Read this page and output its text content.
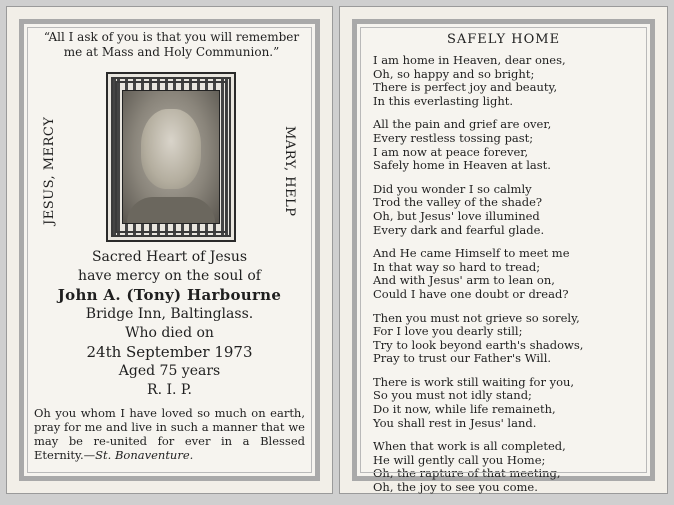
“All I ask of you is that you will remember me at Mass and Holy Communion.”
JESUS, MERCY	MARY, HELP
Sacred Heart of Jesus
have mercy on the soul of
John A. (Tony) Harbourne
Bridge Inn, Baltinglass.
Who died on
24th September 1973
Aged 75 years
R. I. P.
Oh you whom I have loved so much on earth, pray for me and live in such a manner that we may be re-united for ever in a Blessed Eternity.—St. Bonaventure.
SAFELY HOME
I am home in Heaven, dear ones,
Oh, so happy and so bright;
There is perfect joy and beauty,
In this everlasting light.
All the pain and grief are over,
Every restless tossing past;
I am now at peace forever,
Safely home in Heaven at last.
Did you wonder I so calmly
Trod the valley of the shade?
Oh, but Jesus' love illumined
Every dark and fearful glade.
And He came Himself to meet me
In that way so hard to tread;
And with Jesus' arm to lean on,
Could I have one doubt or dread?
Then you must not grieve so sorely,
For I love you dearly still;
Try to look beyond earth's shadows,
Pray to trust our Father's Will.
There is work still waiting for you,
So you must not idly stand;
Do it now, while life remaineth,
You shall rest in Jesus' land.
When that work is all completed,
He will gently call you Home;
Oh, the rapture of that meeting,
Oh, the joy to see you come.
